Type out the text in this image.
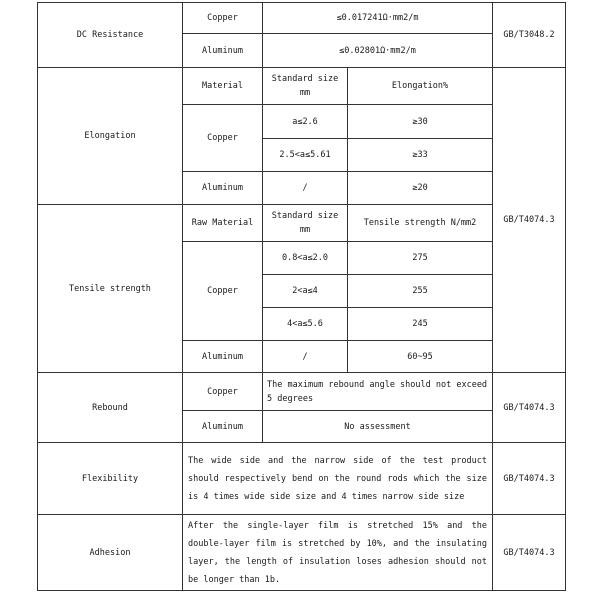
DC Resistance	Copper	≤0.017241Ω·mm2/m		GB/T3048.2
	Aluminum	≤0.02801Ω·mm2/m		
Elongation	Material	Standard size mm	Elongation%	GB/T4074.3
	Copper	a≤2.6	≥30	
		2.5<a≤5.61	≥33	
	Aluminum	/	≥20	
Tensile strength	Raw Material	Standard size mm	Tensile strength N/mm2	
	Copper	0.8<a≤2.0	275	
		2<a≤4	255	
		4<a≤5.6	245	
	Aluminum	/	60~95	
Rebound	Copper	The maximum rebound angle should not exceed 5 degrees		GB/T4074.3
	Aluminum	No assessment		
Flexibility	The wide side and the narrow side of the test product should respectively bend on the round rods which the size is 4 times wide side size and 4 times narrow side size			GB/T4074.3
Adhesion	After the single-layer film is stretched 15% and the double-layer film is stretched by 10%, and the insulating layer, the length of insulation loses adhesion should not be longer than 1b.			GB/T4074.3
